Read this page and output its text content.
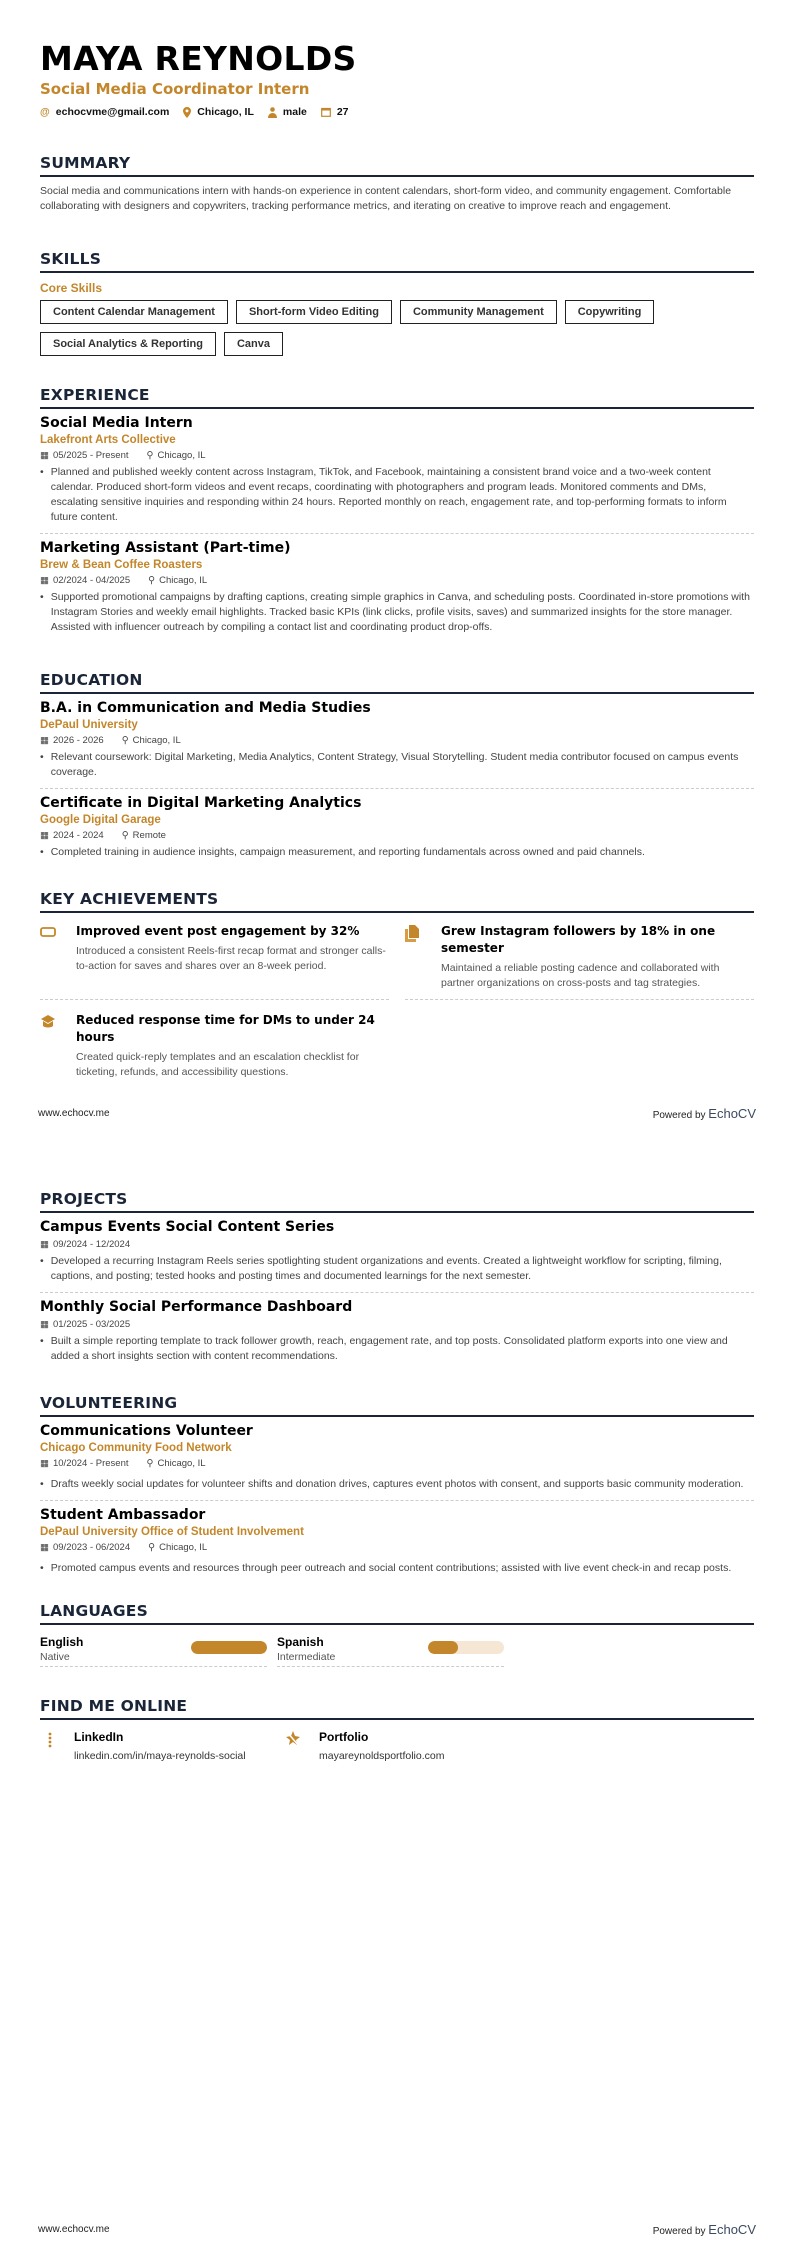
MAYA REYNOLDS
Social Media Coordinator Intern
@ echocvme@gmail.com	Chicago, IL	male	27
SUMMARY
Social media and communications intern with hands-on experience in content calendars, short-form video, and community engagement. Comfortable collaborating with designers and copywriters, tracking performance metrics, and iterating on creative to improve reach and engagement.
SKILLS
Core Skills
Content Calendar Management	Short-form Video Editing	Community Management	Copywriting
Social Analytics & Reporting	Canva
EXPERIENCE
Social Media Intern
Lakefront Arts Collective
▦ 05/2025 - Present ⚲ Chicago, IL
• Planned and published weekly content across Instagram, TikTok, and Facebook, maintaining a consistent brand voice and a two-week content calendar. Produced short-form videos and event recaps, coordinating with photographers and program leads. Monitored comments and DMs, escalating sensitive inquiries and responding within 24 hours. Reported monthly on reach, engagement rate, and top-performing formats to inform future content.
Marketing Assistant (Part-time)
Brew & Bean Coffee Roasters
▦ 02/2024 - 04/2025 ⚲ Chicago, IL
• Supported promotional campaigns by drafting captions, creating simple graphics in Canva, and scheduling posts. Coordinated in-store promotions with Instagram Stories and weekly email highlights. Tracked basic KPIs (link clicks, profile visits, saves) and summarized insights for the store manager. Assisted with influencer outreach by compiling a contact list and coordinating product drop-offs.
EDUCATION
B.A. in Communication and Media Studies
DePaul University
▦ 2026 - 2026 ⚲ Chicago, IL
• Relevant coursework: Digital Marketing, Media Analytics, Content Strategy, Visual Storytelling. Student media contributor focused on campus events coverage.
Certificate in Digital Marketing Analytics
Google Digital Garage
▦ 2024 - 2024 ⚲ Remote
• Completed training in audience insights, campaign measurement, and reporting fundamentals across owned and paid channels.
KEY ACHIEVEMENTS
Improved event post engagement by 32%
Introduced a consistent Reels-first recap format and stronger calls-to-action for saves and shares over an 8-week period.
Grew Instagram followers by 18% in one semester
Maintained a reliable posting cadence and collaborated with partner organizations on cross-posts and tag strategies.
Reduced response time for DMs to under 24 hours
Created quick-reply templates and an escalation checklist for ticketing, refunds, and accessibility questions.
www.echocv.me	Powered by EchoCV
PROJECTS
Campus Events Social Content Series
▦ 09/2024 - 12/2024
• Developed a recurring Instagram Reels series spotlighting student organizations and events. Created a lightweight workflow for scripting, filming, captions, and posting; tested hooks and posting times and documented learnings for the next semester.
Monthly Social Performance Dashboard
▦ 01/2025 - 03/2025
• Built a simple reporting template to track follower growth, reach, engagement rate, and top posts. Consolidated platform exports into one view and added a short insights section with content recommendations.
VOLUNTEERING
Communications Volunteer
Chicago Community Food Network
▦ 10/2024 - Present ⚲ Chicago, IL
• Drafts weekly social updates for volunteer shifts and donation drives, captures event photos with consent, and supports basic community moderation.
Student Ambassador
DePaul University Office of Student Involvement
▦ 09/2023 - 06/2024 ⚲ Chicago, IL
• Promoted campus events and resources through peer outreach and social content contributions; assisted with live event check-in and recap posts.
LANGUAGES
English
Native
Spanish
Intermediate
FIND ME ONLINE
LinkedIn
linkedin.com/in/maya-reynolds-social
Portfolio
mayareynoldsportfolio.com
www.echocv.me	Powered by EchoCV
